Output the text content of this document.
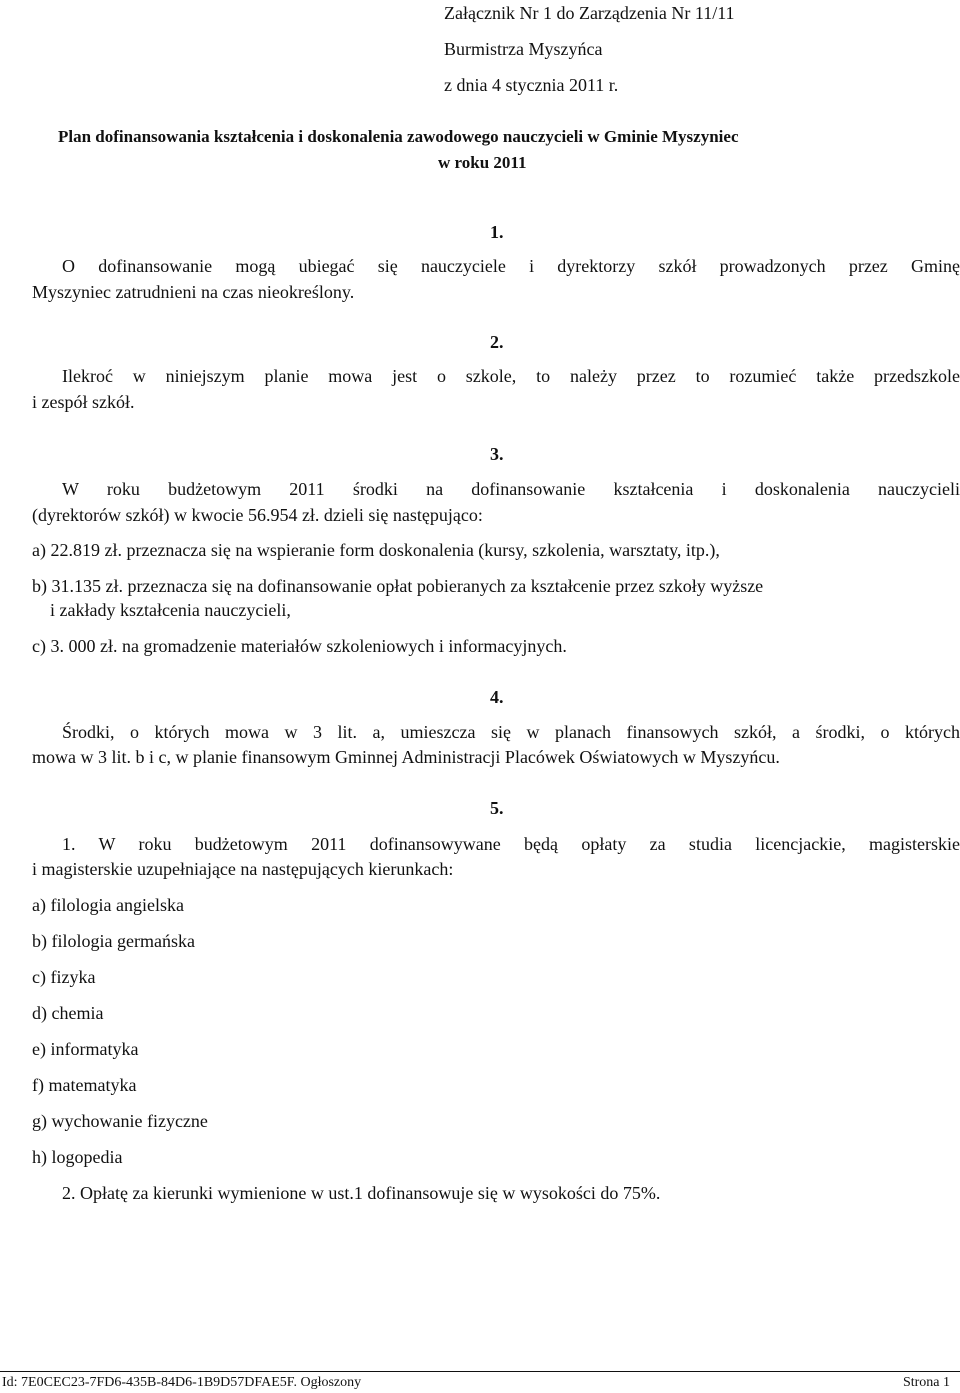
Załącznik Nr 1 do Zarządzenia Nr 11/11
Burmistrza Myszyńca
z dnia 4 stycznia 2011 r.
Plan dofinansowania kształcenia i doskonalenia zawodowego nauczycieli w Gminie Myszyniec
w roku 2011
1.
O dofinansowanie mogą ubiegać się nauczyciele i dyrektorzy szkół prowadzonych przez Gminę
Myszyniec zatrudnieni na czas nieokreślony.
2.
Ilekroć w niniejszym planie mowa jest o szkole, to należy przez to rozumieć także przedszkole
i zespół szkół.
3.
W roku budżetowym 2011 środki na dofinansowanie kształcenia i doskonalenia nauczycieli
(dyrektorów szkół) w kwocie 56.954 zł. dzieli się następująco:
a) 22.819 zł. przeznacza się na wspieranie form doskonalenia (kursy, szkolenia, warsztaty, itp.),
b) 31.135 zł. przeznacza się na dofinansowanie opłat pobieranych za kształcenie przez szkoły wyższe
i zakłady kształcenia nauczycieli,
c) 3. 000 zł. na gromadzenie materiałów szkoleniowych i informacyjnych.
4.
Środki, o których mowa w 3 lit. a, umieszcza się w planach finansowych szkół, a środki, o których
mowa w 3 lit. b i c, w planie finansowym Gminnej Administracji Placówek Oświatowych w Myszyńcu.
5.
1. W roku budżetowym 2011 dofinansowywane będą opłaty za studia licencjackie, magisterskie
i magisterskie uzupełniające na następujących kierunkach:
a) filologia angielska
b) filologia germańska
c) fizyka
d) chemia
e) informatyka
f) matematyka
g) wychowanie fizyczne
h) logopedia
2. Opłatę za kierunki wymienione w ust.1 dofinansowuje się w wysokości do 75%.
Id: 7E0CEC23-7FD6-435B-84D6-1B9D57DFAE5F. Ogłoszony	Strona 1
